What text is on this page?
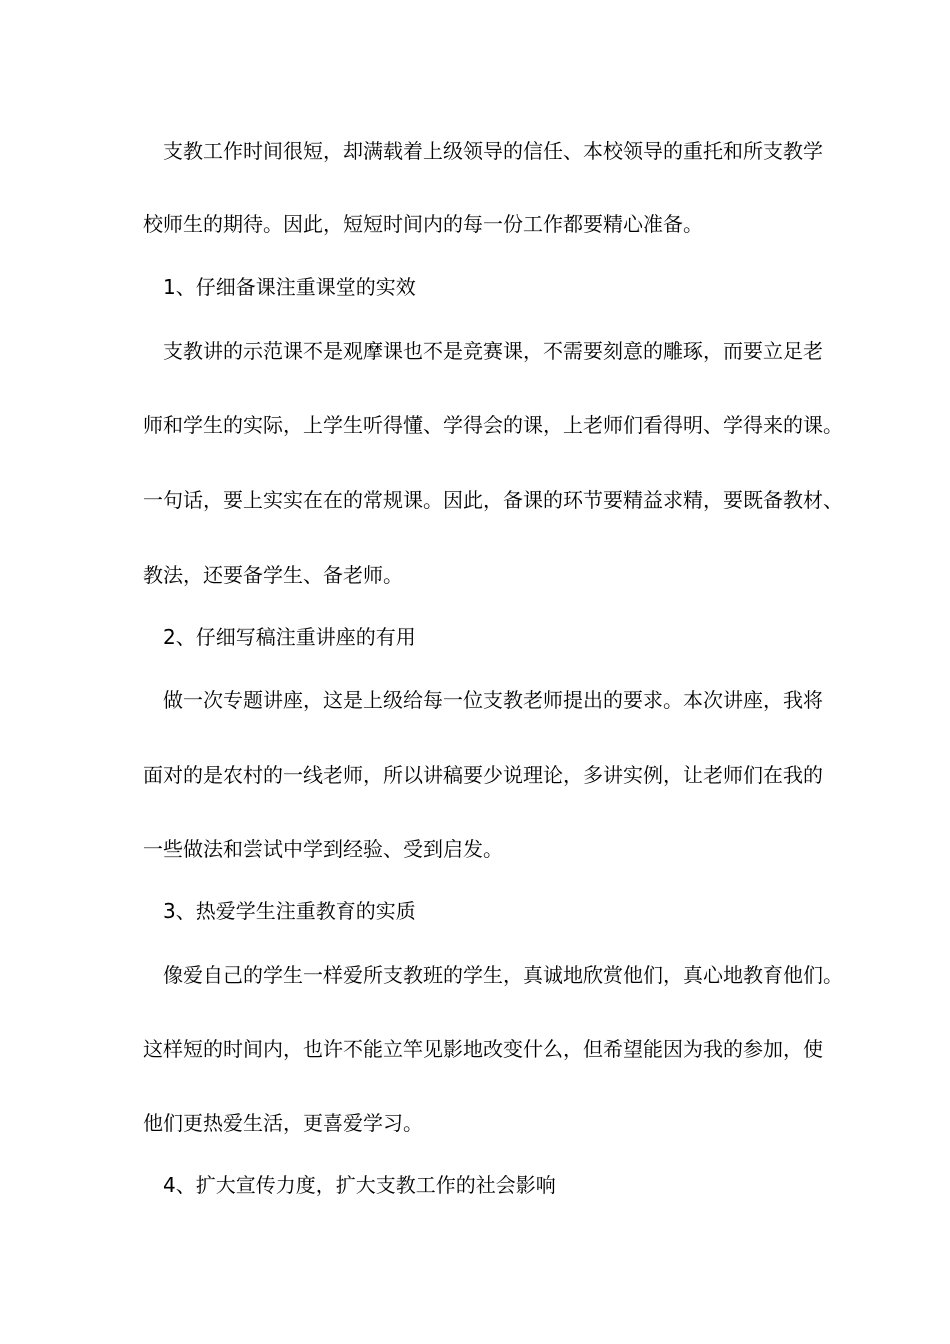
支教工作时间很短，却满载着上级领导的信任、本校领导的重托和所支教学
校师生的期待。因此，短短时间内的每一份工作都要精心准备。
1、仔细备课注重课堂的实效
支教讲的示范课不是观摩课也不是竞赛课，不需要刻意的雕琢，而要立足老
师和学生的实际，上学生听得懂、学得会的课，上老师们看得明、学得来的课。
一句话，要上实实在在的常规课。因此，备课的环节要精益求精，要既备教材、
教法，还要备学生、备老师。
2、仔细写稿注重讲座的有用
做一次专题讲座，这是上级给每一位支教老师提出的要求。本次讲座，我将
面对的是农村的一线老师，所以讲稿要少说理论，多讲实例，让老师们在我的
一些做法和尝试中学到经验、受到启发。
3、热爱学生注重教育的实质
像爱自己的学生一样爱所支教班的学生，真诚地欣赏他们，真心地教育他们。
这样短的时间内，也许不能立竿见影地改变什么，但希望能因为我的参加，使
他们更热爱生活，更喜爱学习。
4、扩大宣传力度，扩大支教工作的社会影响
